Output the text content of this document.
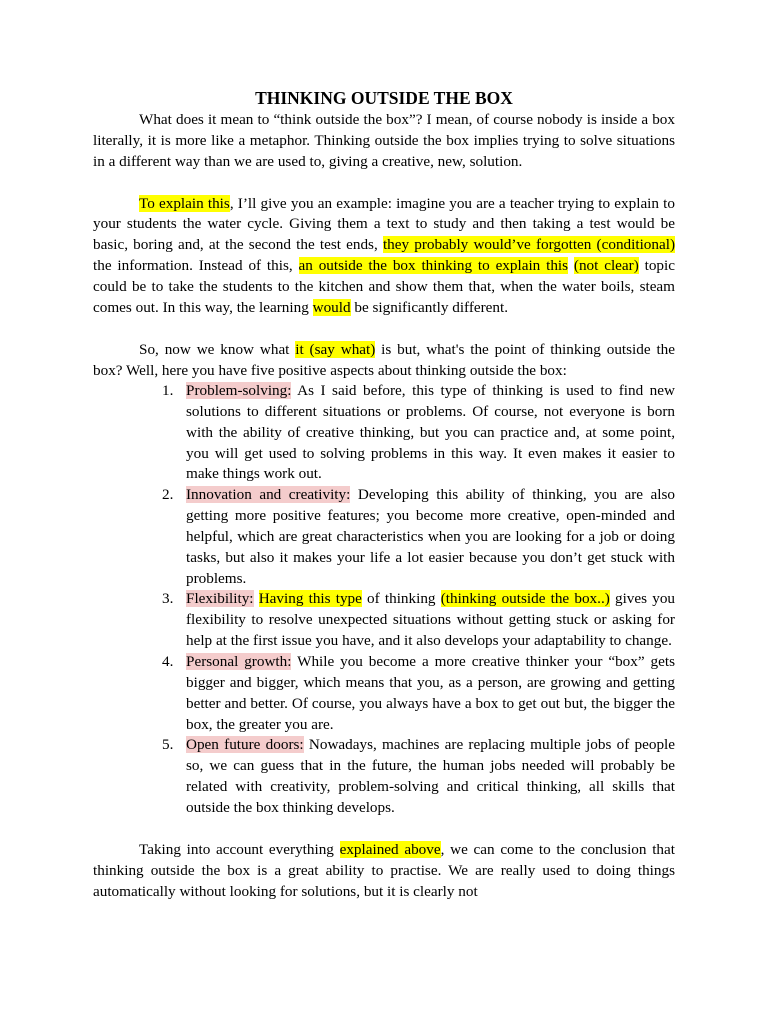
THINKING OUTSIDE THE BOX

What does it mean to “think outside the box”? I mean, of course nobody is inside a box literally, it is more like a metaphor. Thinking outside the box implies trying to solve situations in a different way than we are used to, giving a creative, new, solution.

To explain this, I’ll give you an example: imagine you are a teacher trying to explain to your students the water cycle. Giving them a text to study and then taking a test would be basic, boring and, at the second the test ends, they probably would’ve forgotten (conditional) the information. Instead of this, an outside the box thinking to explain this (not clear) topic could be to take the students to the kitchen and show them that, when the water boils, steam comes out. In this way, the learning would be significantly different.

So, now we know what it (say what) is but, what's the point of thinking outside the box? Well, here you have five positive aspects about thinking outside the box:

1. Problem-solving: As I said before, this type of thinking is used to find new solutions to different situations or problems. Of course, not everyone is born with the ability of creative thinking, but you can practice and, at some point, you will get used to solving problems in this way. It even makes it easier to make things work out.
2. Innovation and creativity: Developing this ability of thinking, you are also getting more positive features; you become more creative, open-minded and helpful, which are great characteristics when you are looking for a job or doing tasks, but also it makes your life a lot easier because you don’t get stuck with problems.
3. Flexibility: Having this type of thinking (thinking outside the box..) gives you flexibility to resolve unexpected situations without getting stuck or asking for help at the first issue you have, and it also develops your adaptability to change.
4. Personal growth: While you become a more creative thinker your “box” gets bigger and bigger, which means that you, as a person, are growing and getting better and better. Of course, you always have a box to get out but, the bigger the box, the greater you are.
5. Open future doors: Nowadays, machines are replacing multiple jobs of people so, we can guess that in the future, the human jobs needed will probably be related with creativity, problem-solving and critical thinking, all skills that outside the box thinking develops.

Taking into account everything explained above, we can come to the conclusion that thinking outside the box is a great ability to practise. We are really used to doing things automatically without looking for solutions, but it is clearly not
